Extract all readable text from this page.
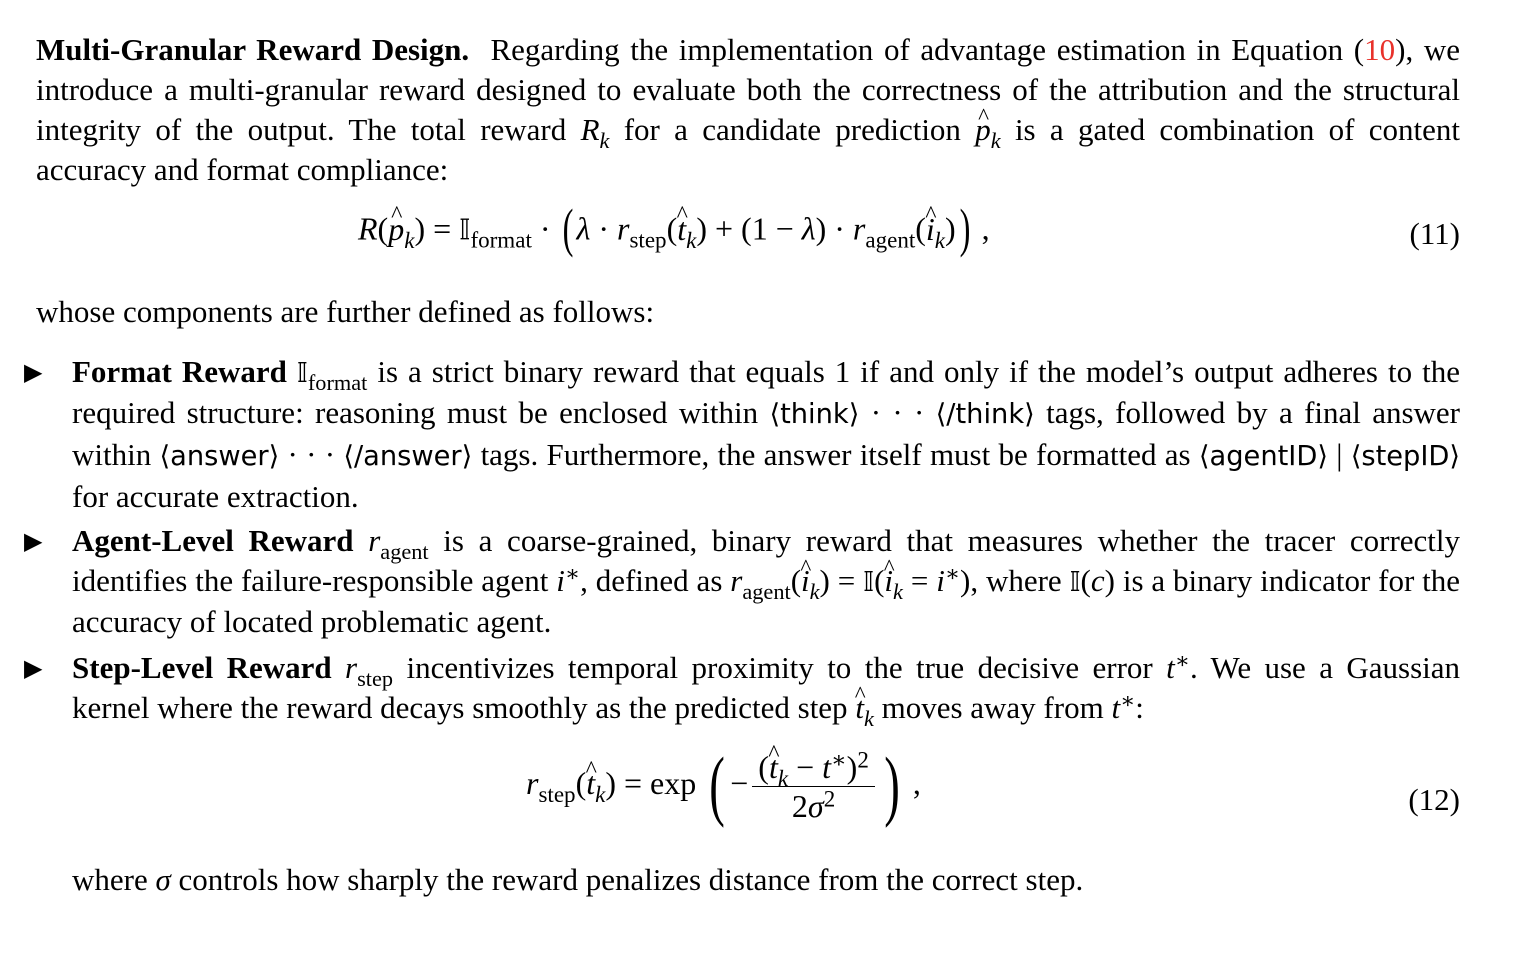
Multi-Granular Reward Design. Regarding the implementation of advantage estimation in Equation (10), we introduce a multi-granular reward designed to evaluate both the correctness of the attribution and the structural integrity of the output. The total reward $R_k$ for a candidate prediction ^ $p_k$ is a gated combination of content accuracy and format compliance:

R(^ $p_k$) = 𝕀$_{format}$ · ( $\lambda \cdot r_{step}(\^{}$ $t_k) + (1 - \lambda)$ · $r_{agent}(\^{}$ $i_k$)) ,	(11)

whose components are further defined as follows:

▶ Format Reward 𝕀$_{format}$ is a strict binary reward that equals 1 if and only if the model’s output adheres to the required structure: reasoning must be enclosed within ⟨think⟩ · · · ⟨/think⟩ tags, followed by a final answer within ⟨answer⟩ · · · ⟨/answer⟩ tags. Furthermore, the answer itself must be formatted as ⟨agentID⟩ | ⟨stepID⟩ for accurate extraction.
▶ Agent-Level Reward $r_{agent}$ is a coarse-grained, binary reward that measures whether the tracer correctly identifies the failure-responsible agent i∗, defined as $r_{agent}(\^{}$ $i_k$) = 𝕀(^ $i_k = i^∗$), where 𝕀(c) is a binary indicator for the accuracy of located problematic agent.
▶ Step-Level Reward $r_{step}$ incentivizes temporal proximity to the true decisive error t∗. We use a Gaussian kernel where the reward decays smoothly as the predicted step ^ $t_k$ moves away from t∗:
$r_{step}(\^{}$ $t_k) = \exp$ ( − $\frac{(\^{} t_k - t^∗)^2}{2\sigma^2}$ ) ,	(12)

where σ controls how sharply the reward penalizes distance from the correct step.
